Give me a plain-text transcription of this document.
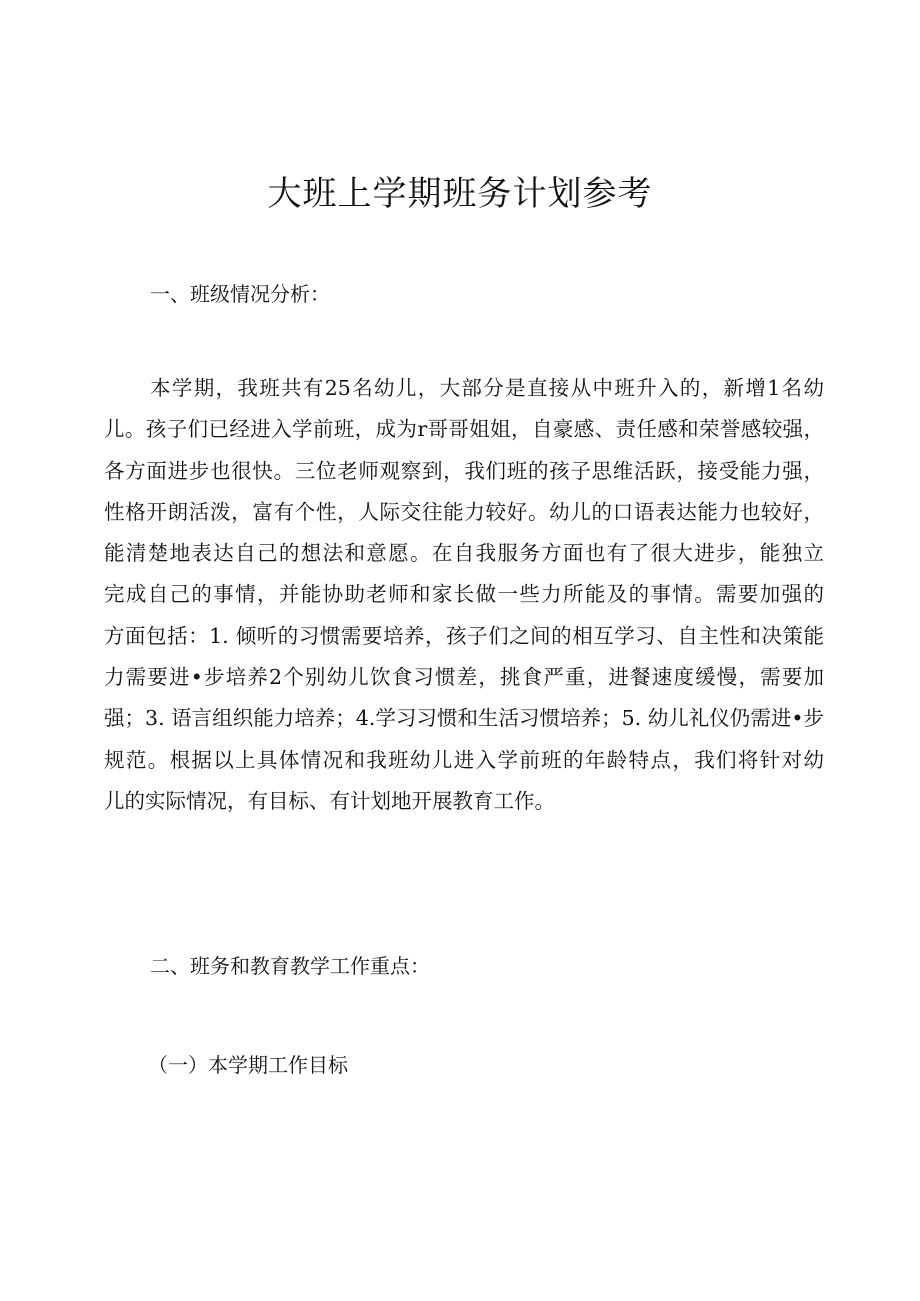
大班上学期班务计划参考
一、班级情况分析：
本学期，我班共有25名幼儿，大部分是直接从中班升入的，新增1名幼
儿。孩子们已经进入学前班，成为r哥哥姐姐，自豪感、责任感和荣誉感较强，
各方面进步也很快。三位老师观察到，我们班的孩子思维活跃，接受能力强，
性格开朗活泼，富有个性，人际交往能力较好。幼儿的口语表达能力也较好，
能清楚地表达自己的想法和意愿。在自我服务方面也有了很大进步，能独立
完成自己的事情，并能协助老师和家长做一些力所能及的事情。需要加强的
方面包括：1. 倾听的习惯需要培养，孩子们之间的相互学习、自主性和决策能
力需要进•步培养2个别幼儿饮食习惯差，挑食严重，进餐速度缓慢，需要加
强；3. 语言组织能力培养；4.学习习惯和生活习惯培养；5. 幼儿礼仪仍需进•步
规范。根据以上具体情况和我班幼儿进入学前班的年龄特点，我们将针对幼
儿的实际情况，有目标、有计划地开展教育工作。
二、班务和教育教学工作重点：
（一）本学期工作目标
